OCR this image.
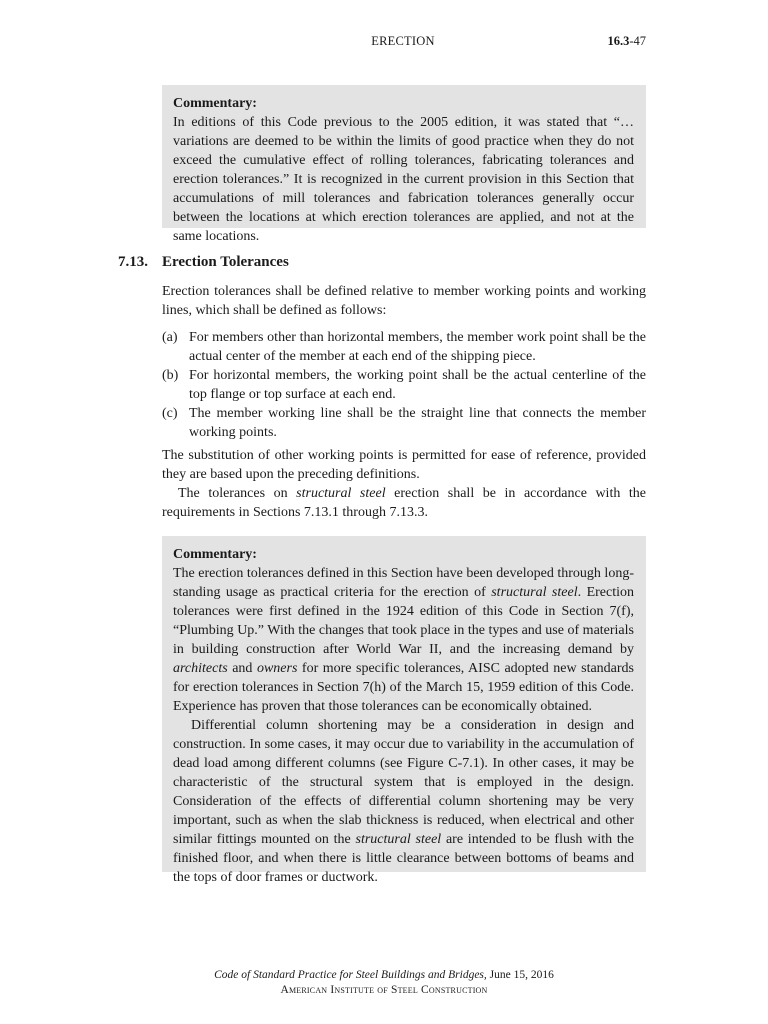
ERECTION	16.3-47
Commentary:

In editions of this Code previous to the 2005 edition, it was stated that “…variations are deemed to be within the limits of good practice when they do not exceed the cumulative effect of rolling tolerances, fabricating tolerances and erection tolerances.” It is recognized in the current provision in this Section that accumulations of mill tolerances and fabrication tolerances generally occur between the locations at which erection tolerances are applied, and not at the same locations.

7.13. Erection Tolerances

Erection tolerances shall be defined relative to member working points and working lines, which shall be defined as follows:

(a) For members other than horizontal members, the member work point shall be the actual center of the member at each end of the shipping piece.
(b) For horizontal members, the working point shall be the actual centerline of the top flange or top surface at each end.
(c) The member working line shall be the straight line that connects the member working points.

The substitution of other working points is permitted for ease of reference, provided they are based upon the preceding definitions.

The tolerances on structural steel erection shall be in accordance with the requirements in Sections 7.13.1 through 7.13.3.

Commentary:

The erection tolerances defined in this Section have been developed through long-standing usage as practical criteria for the erection of structural steel. Erection tolerances were first defined in the 1924 edition of this Code in Section 7(f), “Plumbing Up.” With the changes that took place in the types and use of materials in building construction after World War II, and the increasing demand by architects and owners for more specific tolerances, AISC adopted new standards for erection tolerances in Section 7(h) of the March 15, 1959 edition of this Code. Experience has proven that those tolerances can be economically obtained.

Differential column shortening may be a consideration in design and construction. In some cases, it may occur due to variability in the accumulation of dead load among different columns (see Figure C-7.1). In other cases, it may be characteristic of the structural system that is employed in the design. Consideration of the effects of differential column shortening may be very important, such as when the slab thickness is reduced, when electrical and other similar fittings mounted on the structural steel are intended to be flush with the finished floor, and when there is little clearance between bottoms of beams and the tops of door frames or ductwork.

Code of Standard Practice for Steel Buildings and Bridges, June 15, 2016
American Institute of Steel Construction
